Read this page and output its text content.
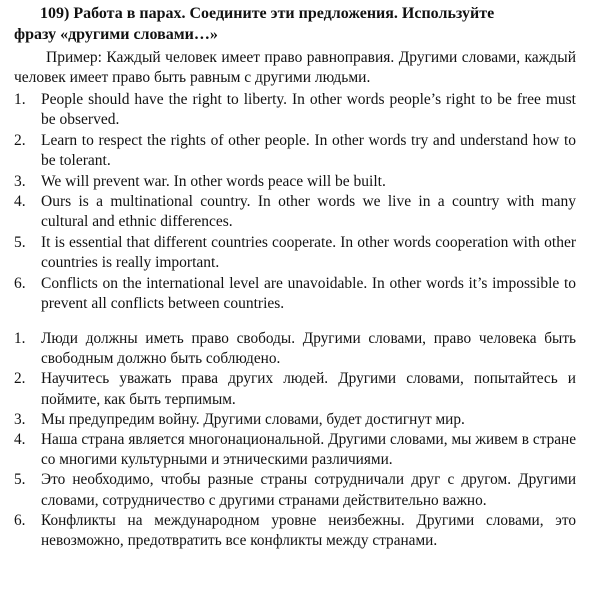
109) Работа в парах. Соедините эти предложения. Используйте
фразу «другими словами…»
Пример: Каждый человек имеет право равноправия. Другими словами, каждый человек имеет право быть равным с другими людьми.
1. People should have the right to liberty. In other words people’s right to be free must be observed.
2. Learn to respect the rights of other people. In other words try and understand how to be tolerant.
3. We will prevent war. In other words peace will be built.
4. Ours is a multinational country. In other words we live in a country with many cultural and ethnic differences.
5. It is essential that different countries cooperate. In other words cooperation with other countries is really important.
6. Conflicts on the international level are unavoidable. In other words it’s impossible to prevent all conflicts between countries.
1. Люди должны иметь право свободы. Другими словами, право человека быть свободным должно быть соблюдено.
2. Научитесь уважать права других людей. Другими словами, попытайтесь и поймите, как быть терпимым.
3. Мы предупредим войну. Другими словами, будет достигнут мир.
4. Наша страна является многонациональной. Другими словами, мы живем в стране со многими культурными и этническими различиями.
5. Это необходимо, чтобы разные страны сотрудничали друг с другом. Другими словами, сотрудничество с другими странами действительно важно.
6. Конфликты на международном уровне неизбежны. Другими словами, это невозможно, предотвратить все конфликты между странами.
